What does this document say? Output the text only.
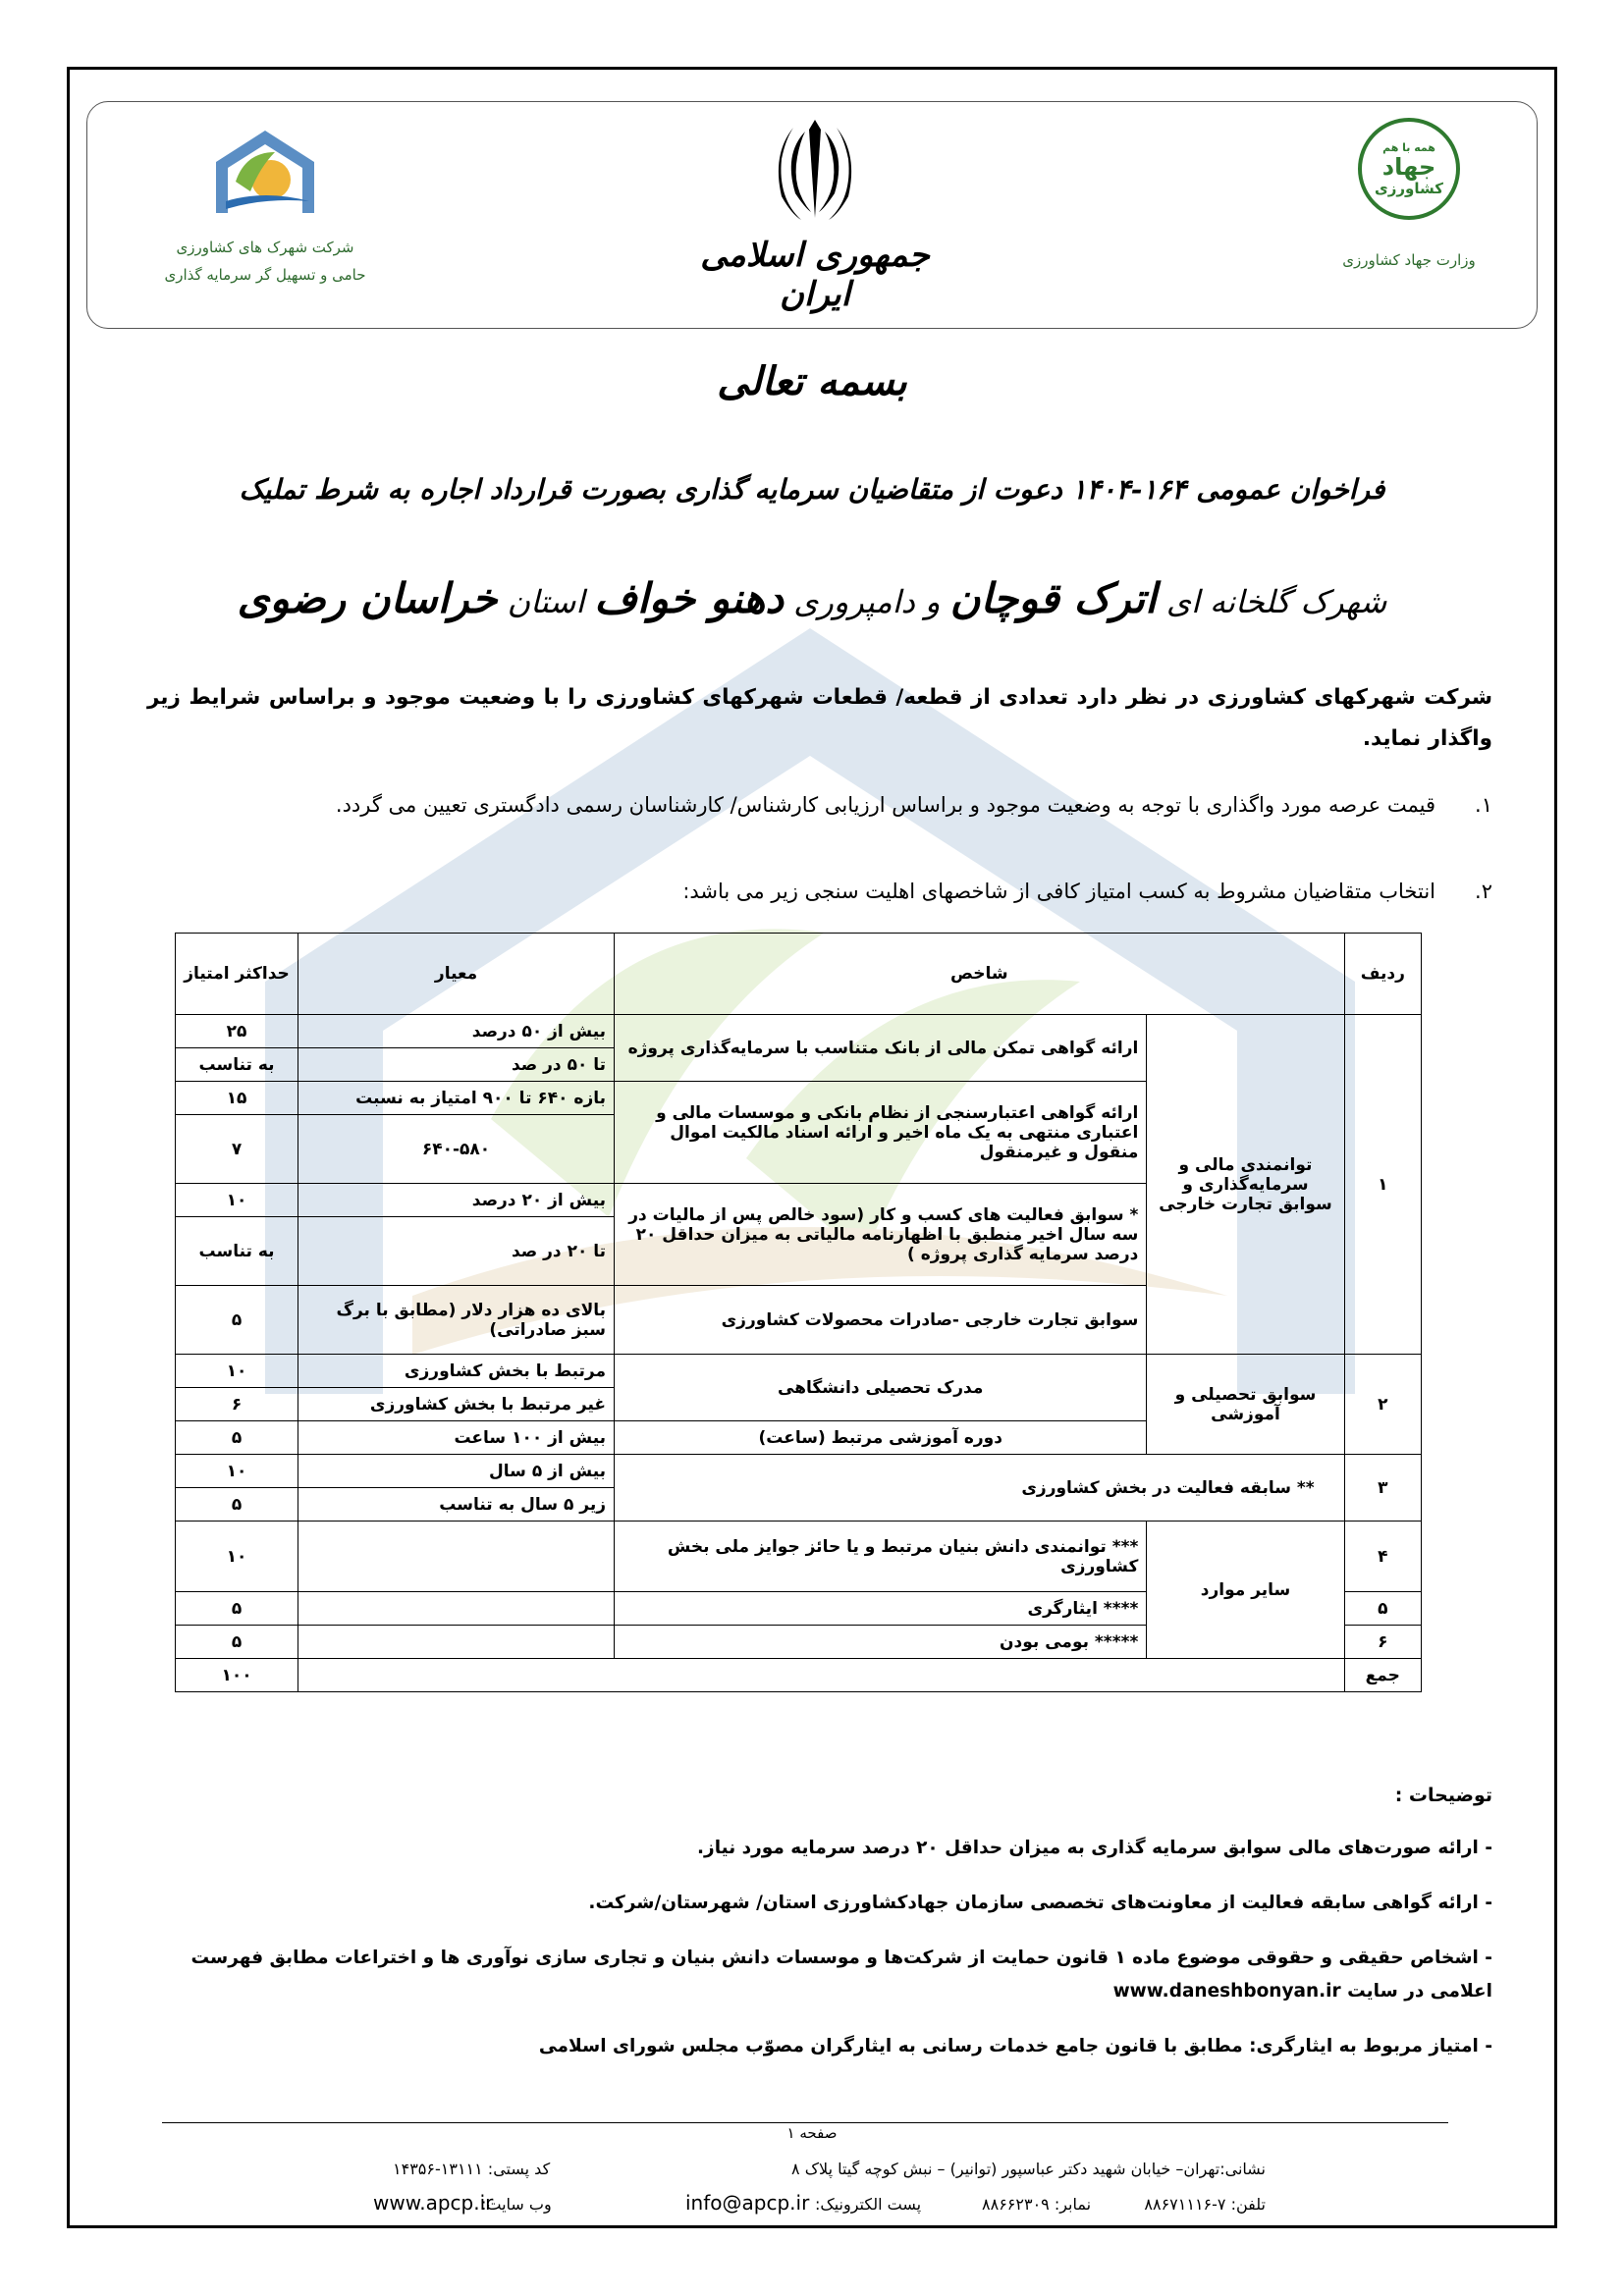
شرکت شهرک های کشاورزی
حامی و تسهیل گر سرمایه گذاری	جمهوری اسلامی ایران
همه با هم
جهاد
کشاورزی
وزارت جهاد کشاورزی
بسمه تعالی
فراخوان عمومی ۱۶۴-۱۴۰۴ دعوت از متقاضیان سرمایه گذاری بصورت قرارداد اجاره به شرط تملیک
شهرک گلخانه ای اترک قوچان و دامپروری دهنو خواف استان خراسان رضوی
شرکت شهرکهای کشاورزی در نظر دارد تعدادی از قطعه/ قطعات شهرکهای کشاورزی را با وضعیت موجود و براساس شرایط زیر واگذار نماید.
۱.
قیمت عرصه مورد واگذاری با توجه به وضعیت موجود و براساس ارزیابی کارشناس/ کارشناسان رسمی دادگستری تعیین می گردد.
۲.
انتخاب متقاضیان مشروط به کسب امتیاز کافی از شاخصهای اهلیت سنجی زیر می باشد:
ردیف	شاخص		معیار	حداکثر امتیاز
۱	توانمندی مالی و سرمایه‌گذاری و سوابق تجارت خارجی	ارائه گواهی تمکن مالی از بانک متناسب با سرمایه‌گذاری پروژه	بیش از ۵۰ درصد	۲۵
			تا ۵۰ در صد	به تناسب
		ارائه گواهی اعتبارسنجی از نظام بانکی و موسسات مالی و اعتباری منتهی به یک ماه اخیر و ارائه اسناد مالکیت اموال منقول و غیرمنقول	بازه ۶۴۰ تا ۹۰۰ امتیاز به نسبت	۱۵
			۶۴۰-۵۸۰	۷
		* سوابق فعالیت های کسب و کار (سود خالص پس از مالیات در سه سال اخیر منطبق با اظهارنامه مالیاتی به میزان حداقل ۲۰ درصد سرمایه گذاری پروژه )	بیش از ۲۰ درصد	۱۰
			تا ۲۰ در صد	به تناسب
		سوابق تجارت خارجی -صادرات محصولات کشاورزی	بالای ده هزار دلار (مطابق با برگ سبز صادراتی)	۵

۲	سوابق تحصیلی و آموزشی	مدرک تحصیلی دانشگاهی	مرتبط با بخش کشاورزی	۱۰
			غیر مرتبط با بخش کشاورزی	۶
		دوره آموزشی مرتبط (ساعت)	بیش از ۱۰۰ ساعت	۵
۳	** سابقه فعالیت در بخش کشاورزی		بیش از ۵ سال	۱۰
			زیر ۵ سال به تناسب	۵
۴	سایر موارد	*** توانمندی دانش بنیان مرتبط و یا حائز جوایز ملی بخش کشاورزی		۱۰
۵		**** ایثارگری		۵
۶		***** بومی بودن		۵
جمع				۱۰۰
توضیحات :
- ارائه صورت‌های مالی سوابق سرمایه گذاری به میزان حداقل ۲۰ درصد سرمایه مورد نیاز.
- ارائه گواهی سابقه فعالیت از معاونت‌های تخصصی سازمان جهادکشاورزی استان/ شهرستان/شرکت.
- اشخاص حقیقی و حقوقی موضوع ماده ۱ قانون حمایت از شرکت‌ها و موسسات دانش بنیان و تجاری سازی نوآوری ها و اختراعات مطابق فهرست اعلامی در سایت www.daneshbonyan.ir
- امتیاز مربوط به ایثارگری: مطابق با قانون جامع خدمات رسانی به ایثارگران مصوّب مجلس شورای اسلامی
صفحه ۱
نشانی:تهران– خیابان شهید دکتر عباسپور (توانیر) – نبش کوچه گیتا پلاک ۸
کد پستی: ۱۳۱۱۱-۱۴۳۵۶
تلفن: ۷-۸۸۶۷۱۱۱۶
نمابر: ۸۸۶۶۲۳۰۹
پست الکترونیک:
info@apcp.ir
وب سایت:
www.apcp.ir
